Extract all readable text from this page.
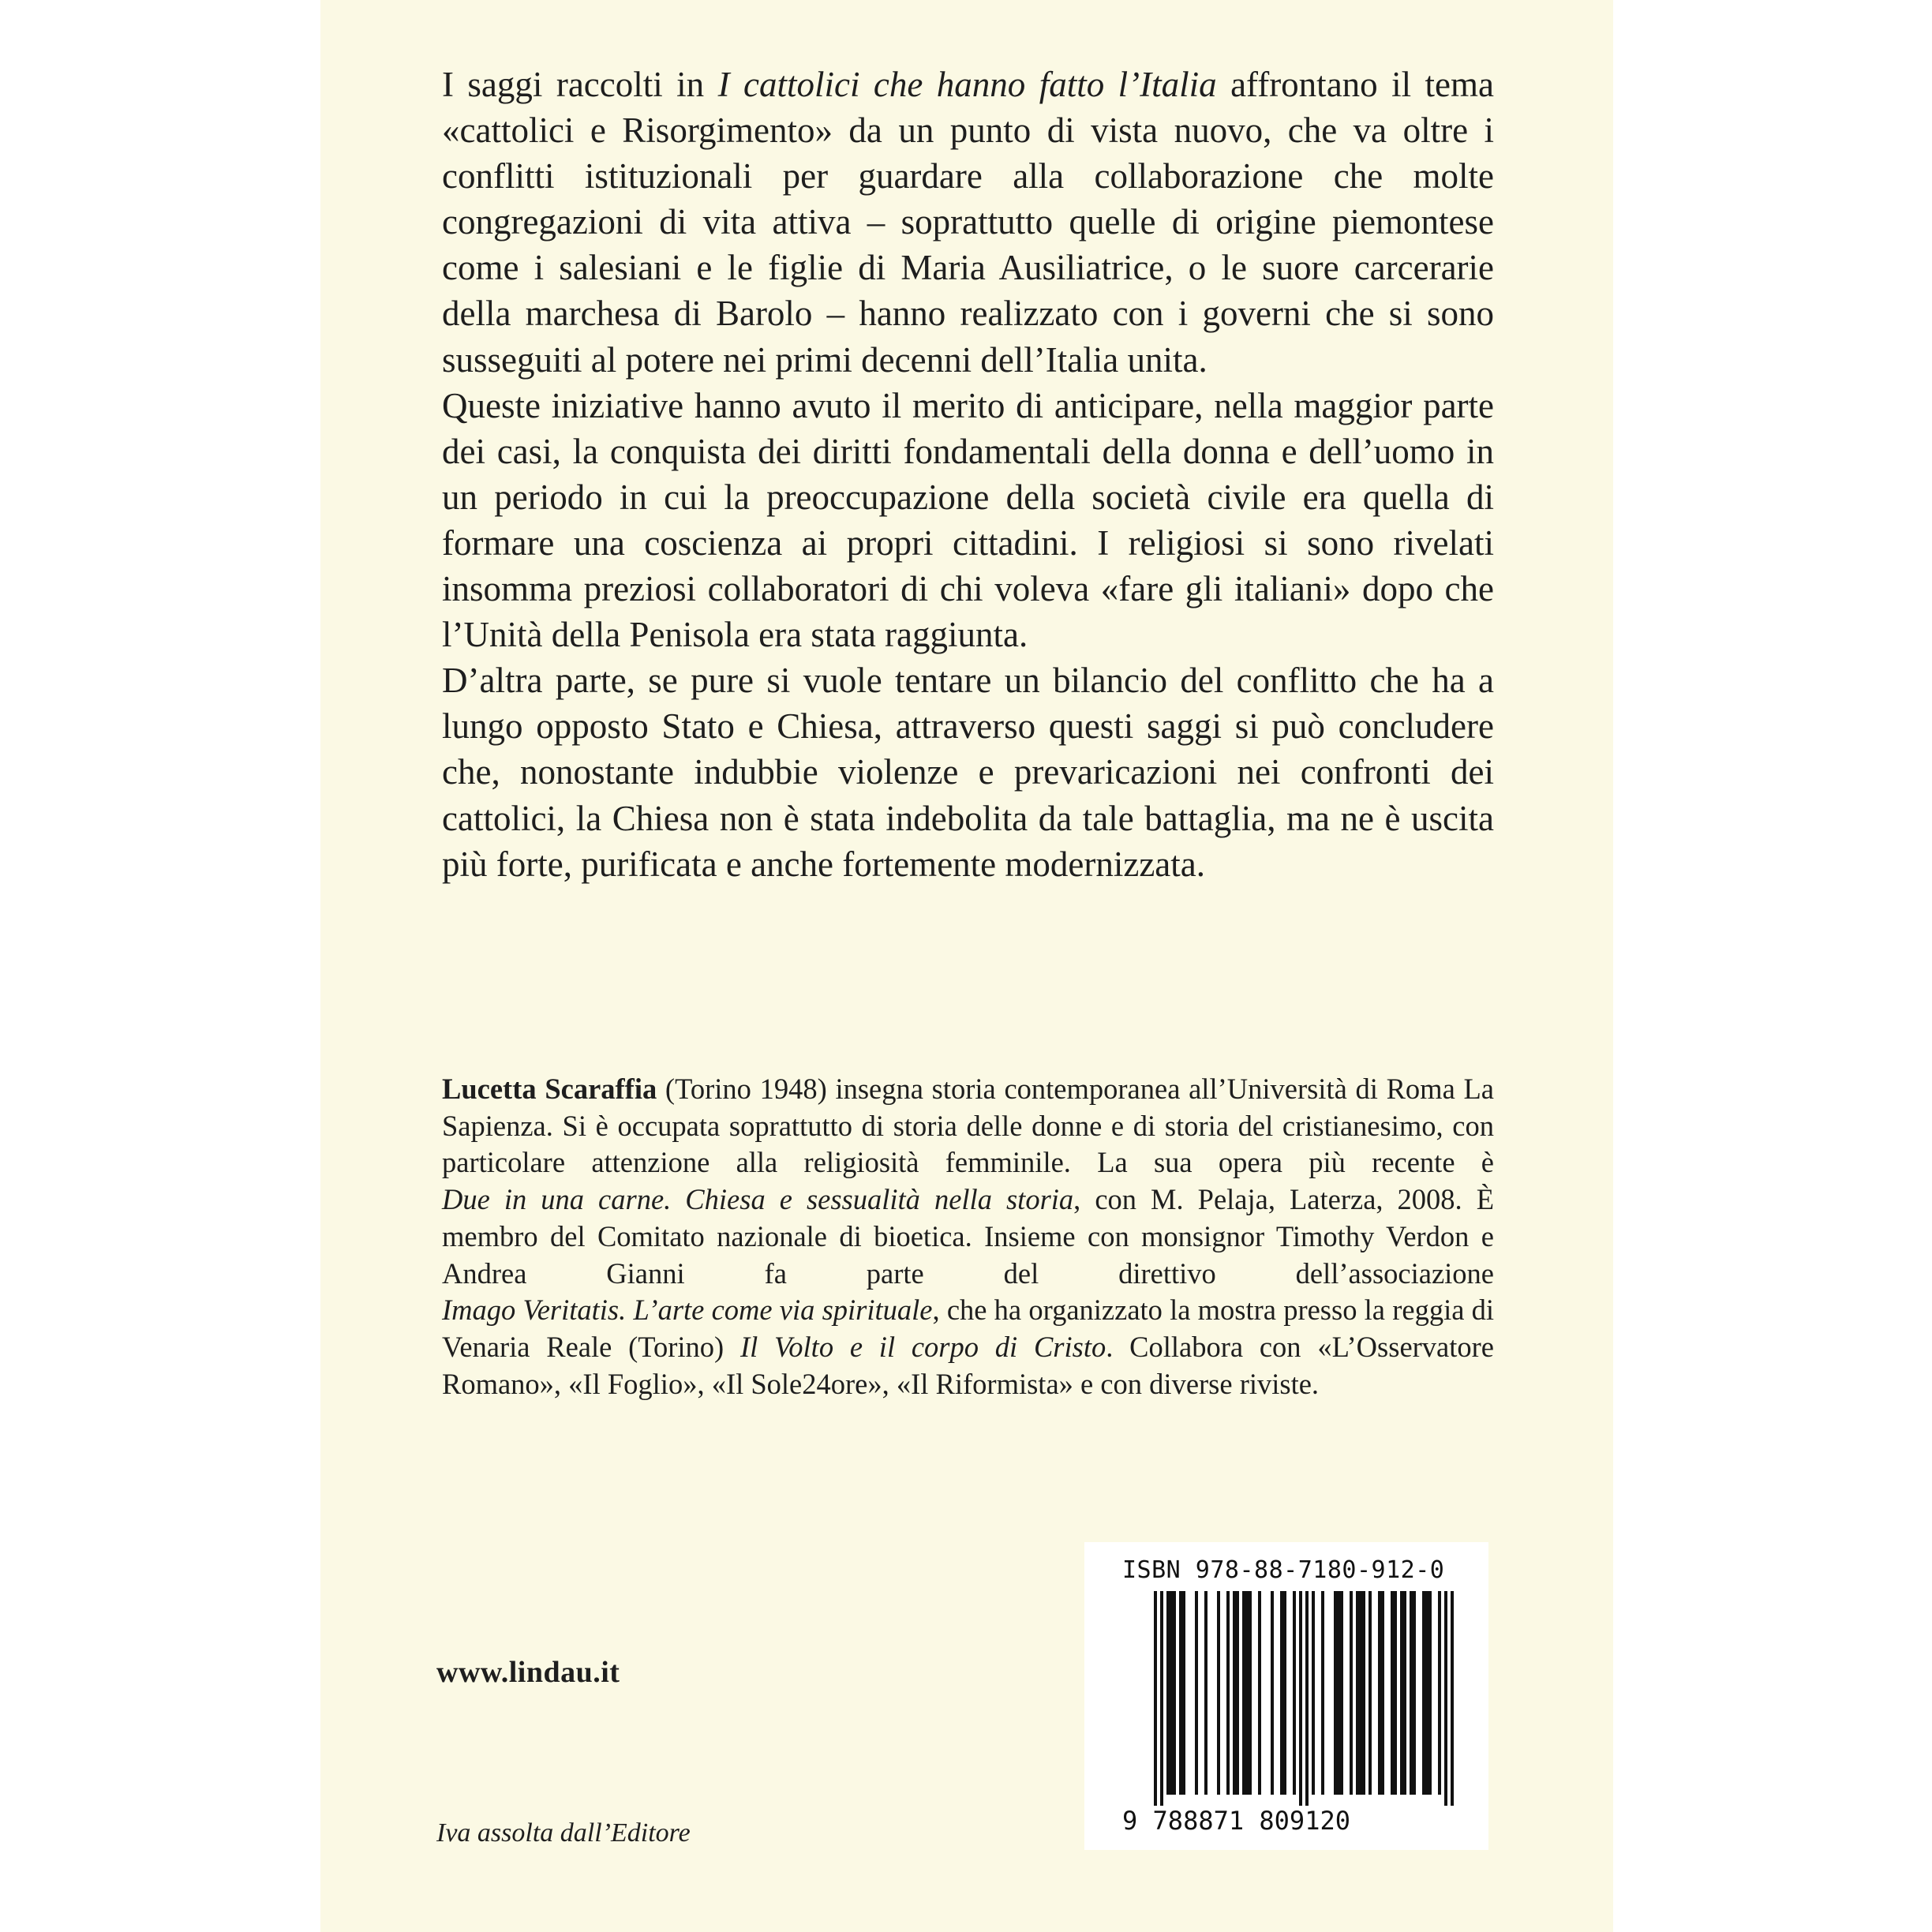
I saggi raccolti in I cattolici che hanno fatto l’Italia affrontano il tema «cattolici e Risorgimento» da un punto di vista nuovo, che va oltre i conflitti istituzionali per guardare alla collaborazione che molte congregazioni di vita attiva – soprattutto quelle di origine piemontese come i salesiani e le figlie di Maria Ausiliatrice, o le suore carcerarie della marchesa di Barolo – hanno realizzato con i governi che si sono susseguiti al potere nei primi decenni dell’Italia unita.

Queste iniziative hanno avuto il merito di anticipare, nella maggior parte dei casi, la conquista dei diritti fondamentali della donna e dell’uomo in un periodo in cui la preoccupazione della società civile era quella di formare una coscienza ai propri cittadini. I religiosi si sono rivelati insomma preziosi collaboratori di chi voleva «fare gli italiani» dopo che l’Unità della Penisola era stata raggiunta.

D’altra parte, se pure si vuole tentare un bilancio del conflitto che ha a lungo opposto Stato e Chiesa, attraverso questi saggi si può concludere che, nonostante indubbie violenze e prevaricazioni nei confronti dei cattolici, la Chiesa non è stata indebolita da tale battaglia, ma ne è uscita più forte, purificata e anche fortemente modernizzata.

Lucetta Scaraffia (Torino 1948) insegna storia contemporanea all’Università di Roma La Sapienza. Si è occupata soprattutto di storia delle donne e di storia del cristianesimo, con particolare attenzione alla religiosità femminile. La sua opera più recente è Due in una carne. Chiesa e sessualità nella storia, con M. Pelaja, Laterza, 2008. È membro del Comitato nazionale di bioetica. Insieme con monsignor Timothy Verdon e Andrea Gianni fa parte del direttivo dell’associazione Imago Veritatis. L’arte come via spirituale, che ha organizzato la mostra presso la reggia di Venaria Reale (Torino) Il Volto e il corpo di Cristo. Collabora con «L’Osservatore Romano», «Il Foglio», «Il Sole24ore», «Il Riformista» e con diverse riviste.

www.lindau.it
Iva assolta dall’Editore
ISBN 978-88-7180-912-0
9 788871 809120
